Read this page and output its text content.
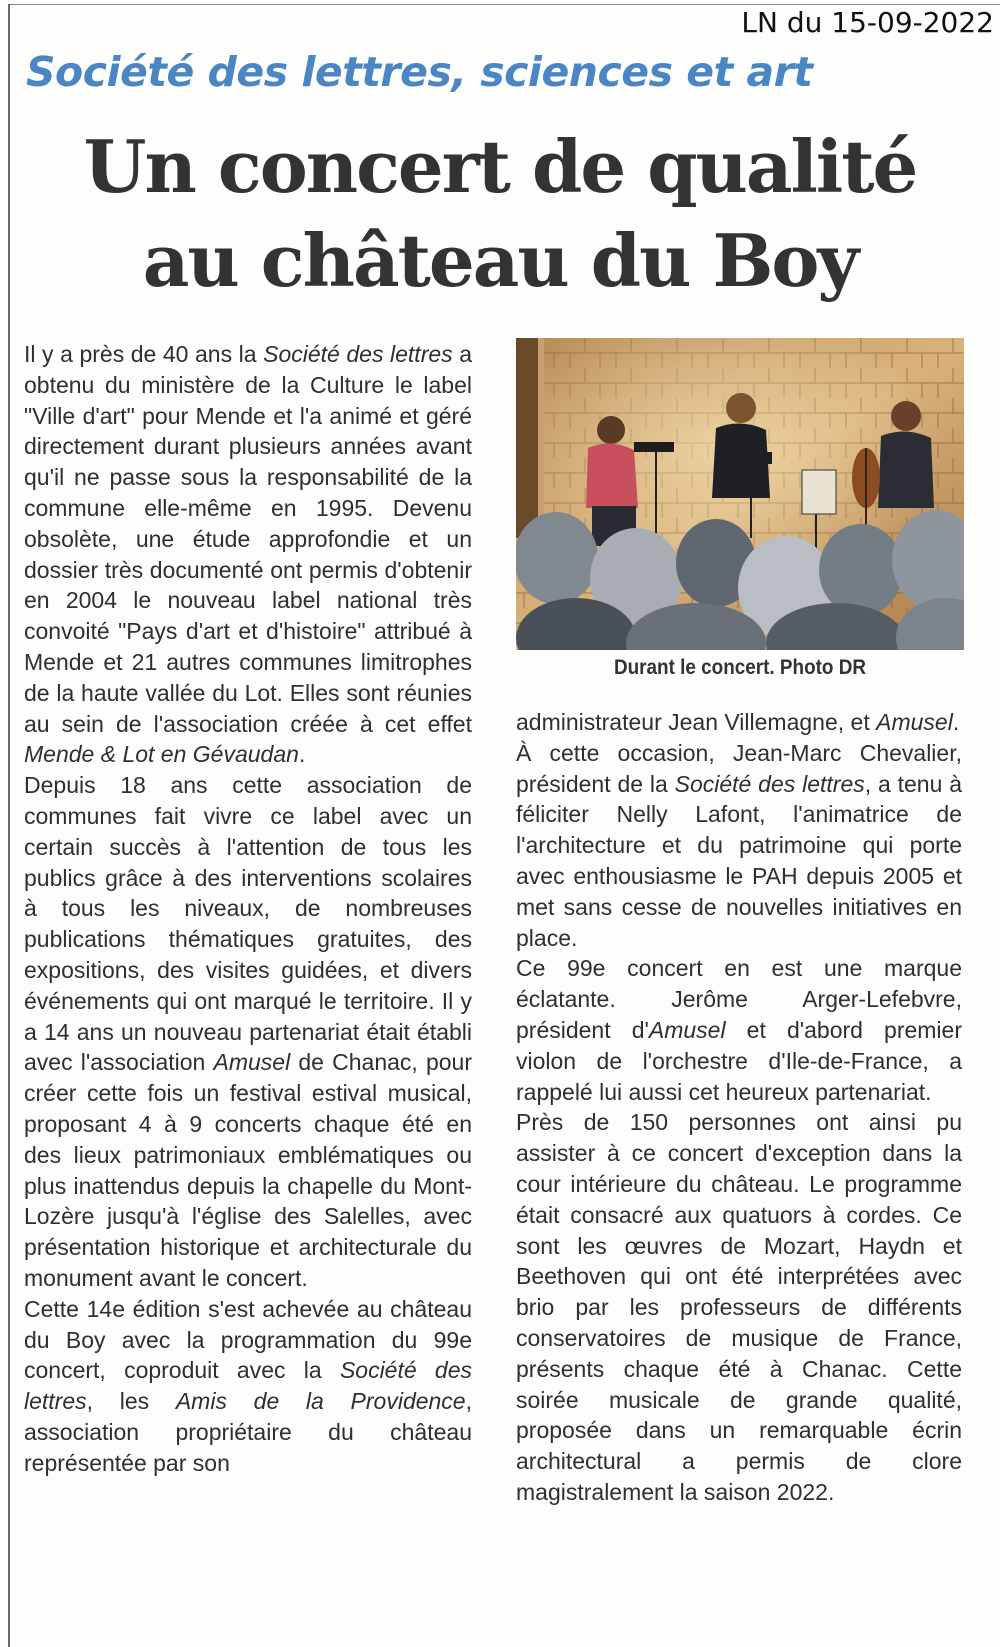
LN du 15-09-2022
Société des lettres, sciences et art
Un concert de qualité
au château du Boy

Il y a près de 40 ans la Société des lettres a obtenu du ministère de la Culture le label "Ville d'art" pour Mende et l'a animé et géré directement durant plusieurs années avant qu'il ne passe sous la responsabilité de la commune elle-même en 1995. Devenu obsolète, une étude approfondie et un dossier très documenté ont permis d'obtenir en 2004 le nouveau label national très convoité "Pays d'art et d'histoire" attribué à Mende et 21 autres communes limitrophes de la haute vallée du Lot. Elles sont réunies au sein de l'association créée à cet effet Mende & Lot en Gévaudan.

Depuis 18 ans cette association de communes fait vivre ce label avec un certain succès à l'attention de tous les publics grâce à des interventions scolaires à tous les niveaux, de nombreuses publications thématiques gratuites, des expositions, des visites guidées, et divers événements qui ont marqué le territoire. Il y a 14 ans un nouveau partenariat était établi avec l'association Amusel de Chanac, pour créer cette fois un festival estival musical, proposant 4 à 9 concerts chaque été en des lieux patrimoniaux emblématiques ou plus inattendus depuis la chapelle du Mont-Lozère jusqu'à l'église des Salelles, avec présentation historique et architecturale du monument avant le concert.

Cette 14e édition s'est achevée au château du Boy avec la programmation du 99e concert, coproduit avec la Société des lettres, les Amis de la Providence, association propriétaire du château représentée par son

Durant le concert. Photo DR

administrateur Jean Villemagne, et Amusel.

À cette occasion, Jean-Marc Chevalier, président de la Société des lettres, a tenu à féliciter Nelly Lafont, l'animatrice de l'architecture et du patrimoine qui porte avec enthousiasme le PAH depuis 2005 et met sans cesse de nouvelles initiatives en place.

Ce 99e concert en est une marque éclatante. Jerôme Arger-Lefebvre, président d'Amusel et d'abord premier violon de l'orchestre d'Ile-de-France, a rappelé lui aussi cet heureux partenariat.

Près de 150 personnes ont ainsi pu assister à ce concert d'exception dans la cour intérieure du château. Le programme était consacré aux quatuors à cordes. Ce sont les œuvres de Mozart, Haydn et Beethoven qui ont été interprétées avec brio par les professeurs de différents conservatoires de musique de France, présents chaque été à Chanac. Cette soirée musicale de grande qualité, proposée dans un remarquable écrin architectural a permis de clore magistralement la saison 2022.
